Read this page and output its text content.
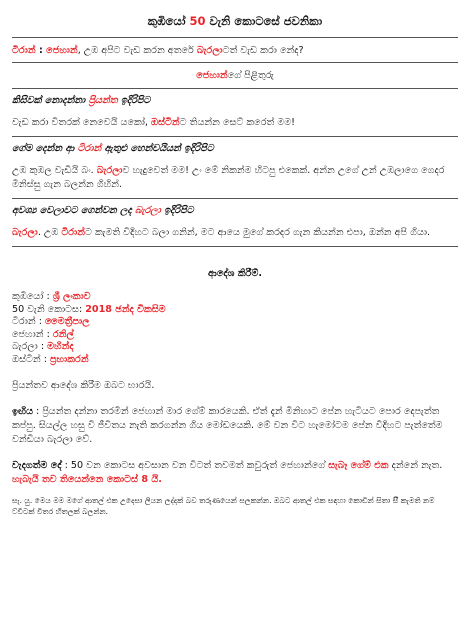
කුඹියෝ 50 වැනි කොටසේ ජවනිකා

ටිරාන් : ජෙහාන්, උඹ අපිට වැඩ කරන අතරේ බැරලාටත් වැඩ කරා නේද?

ජෙහාන්ගේ පිළිතුරු

කිසිවක් නොදන්නා ප්‍රියන්ත ඉදිරිපිට

වැඩ කරා විතරක් නෙවෙයි යකෝ, ඔස්ටින්ට තියන්න සෙට් කරෙත් මම!

ගේම දෙන්න ආ ටිරාන් ඇතුළු හෙන්චයියන් ඉදිරිපිට

උඹ කුඹල වැඩියි බං. බැරලාව හැදුවෙත් මම! උං මේ නිකන්ම හිටපු එකෙක්. අන්න උගේ උන් උඹලාගෙ ගෙදර මිනිස්සු ගැන බලන්න ගිහින්.

අවශ්‍ය වෙලාවට ගෙන්වන ලද බැරලා ඉදිරිපිට

බැරලා. උඹ ටිරාන්ට කැමති විදිහට බලා ගනින්, මට ආයෙ මුගේ කරදර ගැන කියන්න එපා, ඔන්න අපි ගියා.

ආදේශ කිරීම්.

කුඹියෝ : ශ්‍රී ලංකාව

50 වැනි කොටස: 2018 ඡන්ද විකසිම

ටිරාන් : මෛත්‍රීපාල

ජෙහාන් : රනිල්

බැරලා : මහින්ද

ඔස්ටින් : ප්‍රභාකරන්

ප්‍රියන්තව ආදේශ කිරීම ඔබට භාරයි.

ඉඟිය : ප්‍රියන්ත දන්නා තරමින් ජෙහාන් මාර ගේම් කාරයෙකි. ඒත් දැන් මිනිහාට පේන හැටියට පොර දෙපැත්ත කප්පු. සියල්ල හසු වී ජීවිතය නැති කරගන්න ගිය මෝඩයෙකි. මේ වන විට හැමෝටම පේන විදිහට පැත්තේම වන්ඩියා බැරලා වේ.

වැදගත්ම දේ : 50 වන කොටස අවසාන වන විටත් තවමත් කවුරුත් ජෙහාන්ගේ සැබෑ ගේම් එක දන්නේ නැත. හැබැයි තව තියෙන්නෙ කොටස් 8 යි.

සැ. යු. මෙය මම මගේ ආතල් එක උදෙසා ලියන ලද්දක් බව තරුණයෙන් සලකන්න. ඔබට ආතල් එක සඳහා කොඩින් සිතා සිී කැමති නම් ට්වීටක් විතර හිතලක් බලන්න.
